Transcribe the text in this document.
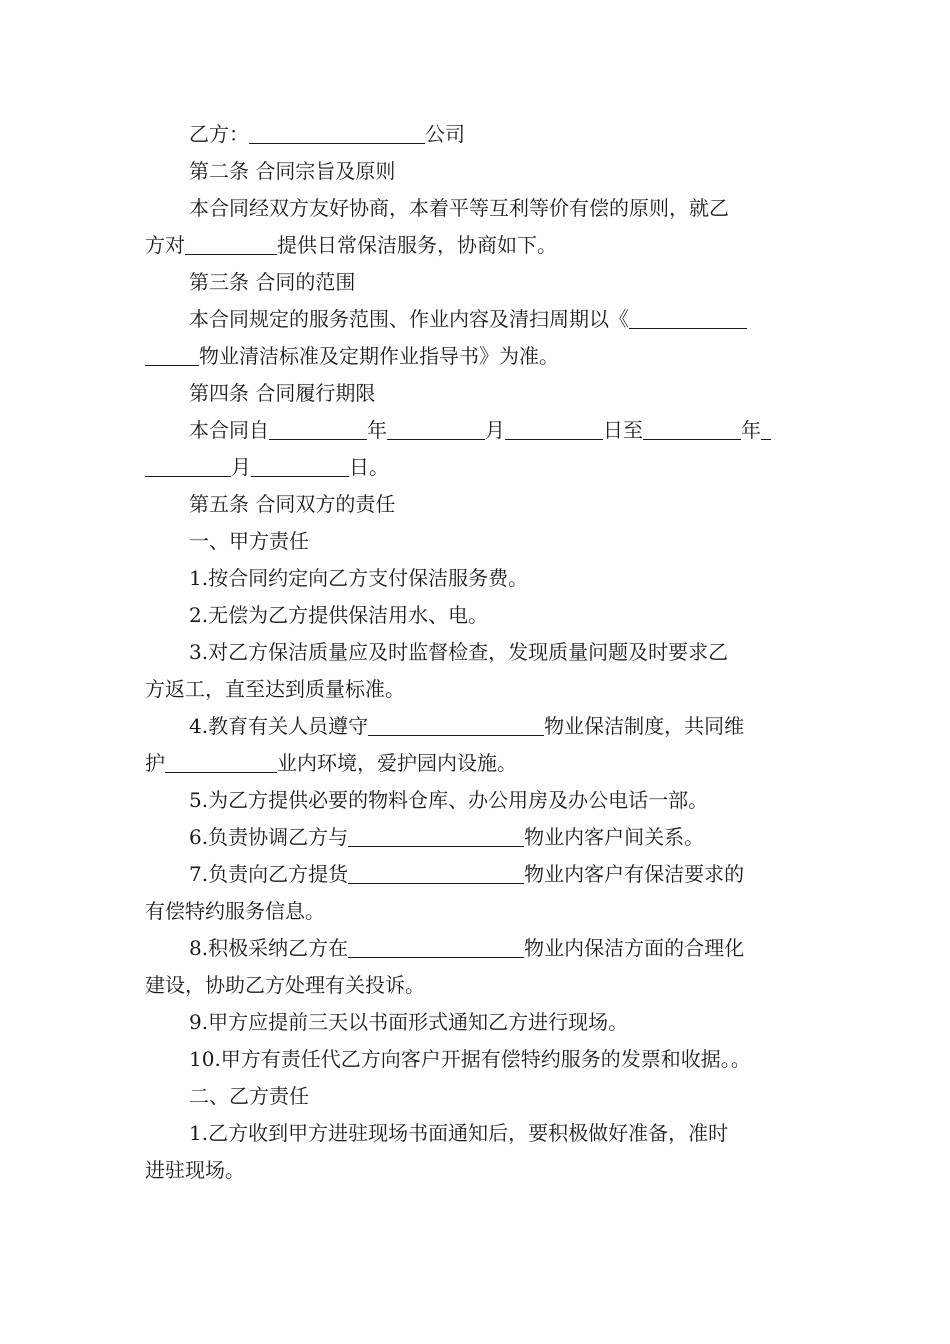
乙方：	公司

第二条 合同宗旨及原则

本合同经双方友好协商，本着平等互利等价有偿的原则，就乙

方对	提供日常保洁服务，协商如下。

第三条 合同的范围

本合同规定的服务范围、作业内容及清扫周期以《

物业清洁标准及定期作业指导书》为准。

第四条 合同履行期限

本合同自	年	月	日至	年

月	日。

第五条 合同双方的责任

一、甲方责任

1.按合同约定向乙方支付保洁服务费。

2.无偿为乙方提供保洁用水、电。

3.对乙方保洁质量应及时监督检查，发现质量问题及时要求乙

方返工，直至达到质量标准。

4.教育有关人员遵守	物业保洁制度，共同维

护	业内环境，爱护园内设施。

5.为乙方提供必要的物料仓库、办公用房及办公电话一部。

6.负责协调乙方与	物业内客户间关系。

7.负责向乙方提货	物业内客户有保洁要求的

有偿特约服务信息。

8.积极采纳乙方在	物业内保洁方面的合理化

建设，协助乙方处理有关投诉。

9.甲方应提前三天以书面形式通知乙方进行现场。

10.甲方有责任代乙方向客户开据有偿特约服务的发票和收据。。

二、乙方责任

1.乙方收到甲方进驻现场书面通知后，要积极做好准备，准时

进驻现场。
